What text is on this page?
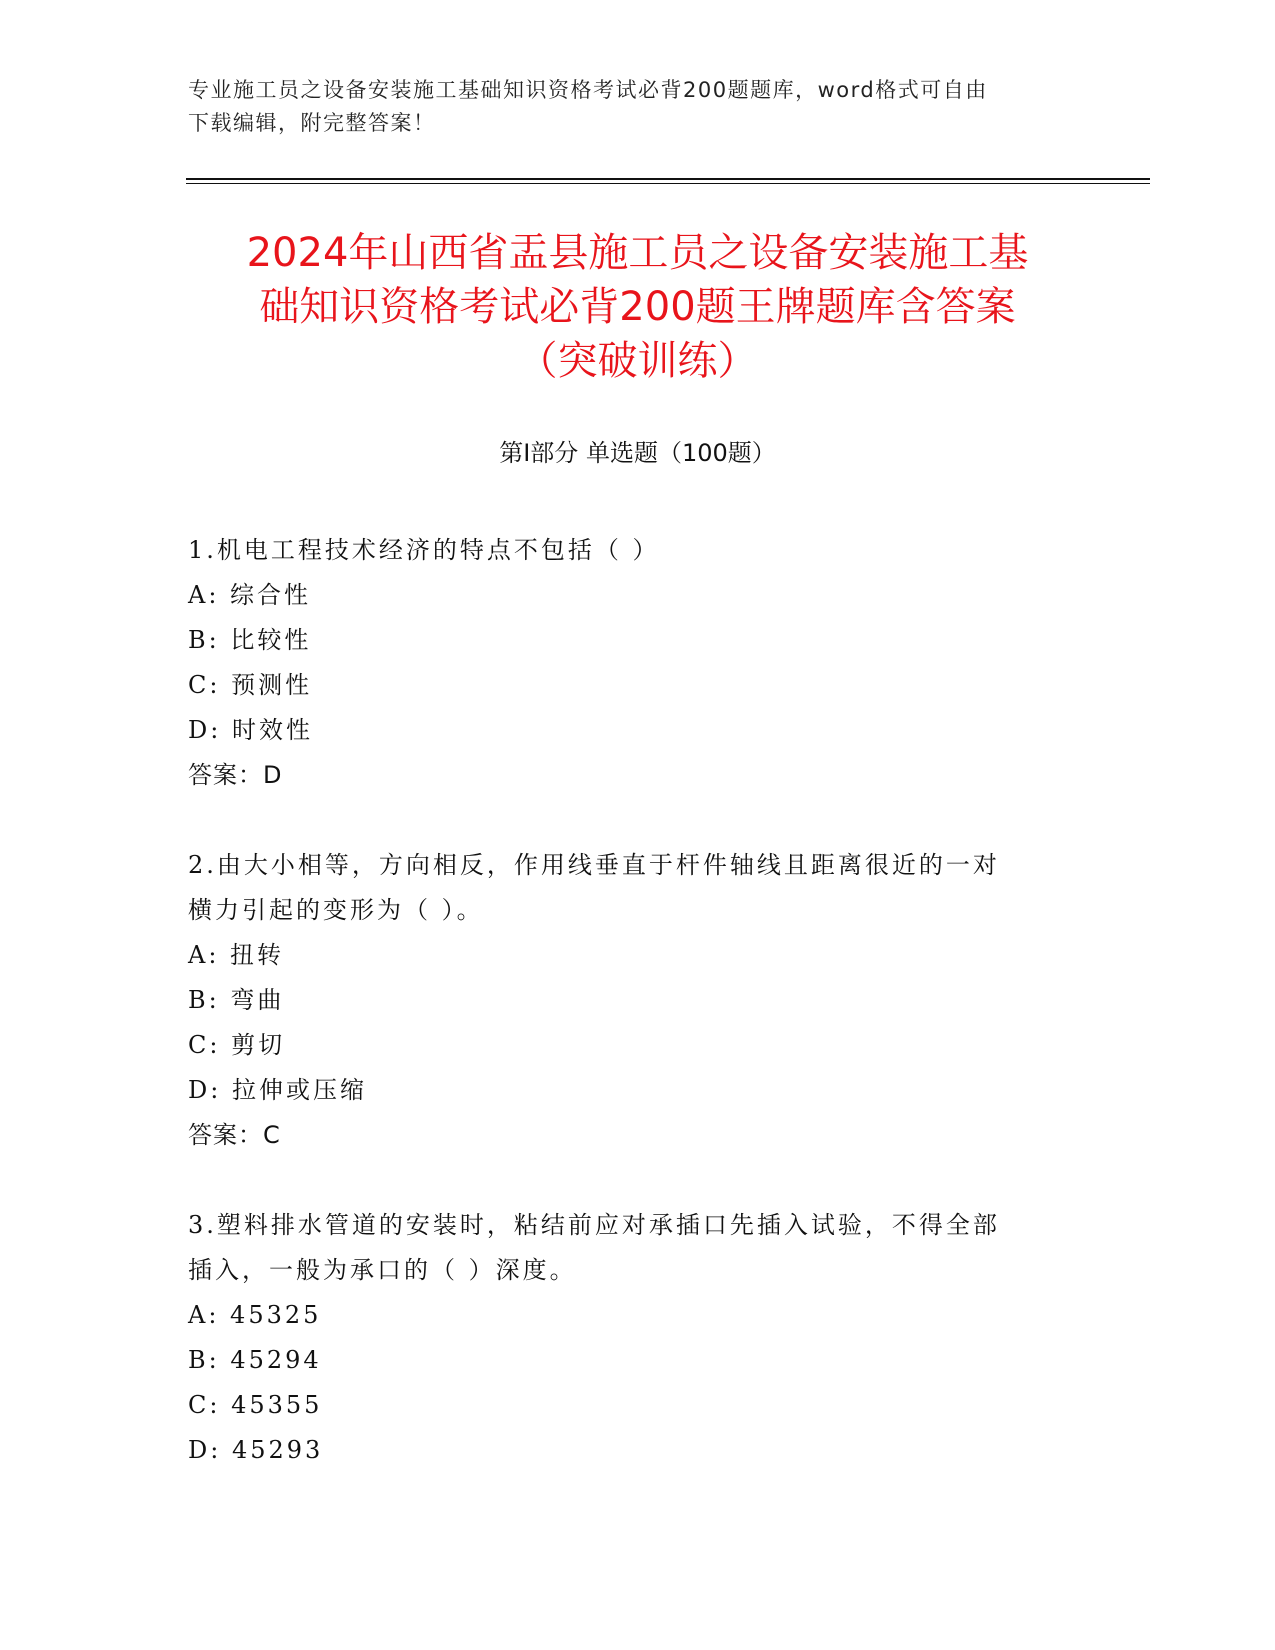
专业施工员之设备安装施工基础知识资格考试必背200题题库，word格式可自由
下载编辑，附完整答案！
2024年山西省盂县施工员之设备安装施工基
础知识资格考试必背200题王牌题库含答案
（突破训练）
第I部分 单选题（100题）
1.机电工程技术经济的特点不包括（ ）
A: 综合性
B: 比较性
C: 预测性
D: 时效性
答案：D
2.由大小相等，方向相反，作用线垂直于杆件轴线且距离很近的一对
横力引起的变形为（ ）。
A: 扭转
B: 弯曲
C: 剪切
D: 拉伸或压缩
答案：C
3.塑料排水管道的安装时，粘结前应对承插口先插入试验，不得全部
插入，一般为承口的（ ）深度。
A: 45325
B: 45294
C: 45355
D: 45293
